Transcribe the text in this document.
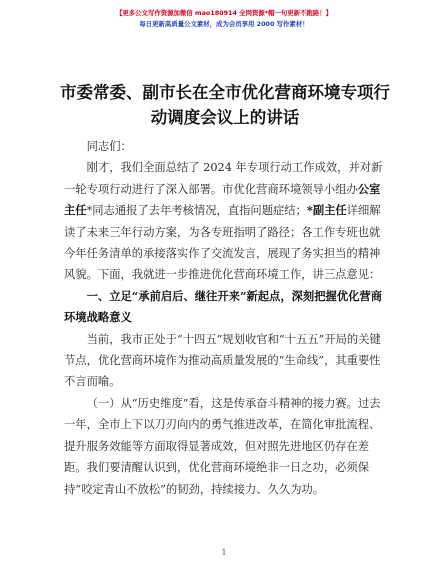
【更多公文写作资源加微信 mao180914 全网资源*帽一句更新不跑路！】
每日更新高质量公文素材，成为会员享用 2000 写作素材！
市委常委、副市长在全市优化营商环境专项行
动调度会议上的讲话

同志们：

刚才，我们全面总结了 2024 年专项行动工作成效，并对新一轮专项行动进行了深入部署。市优化营商环境领导小组办公室主任*同志通报了去年考核情况，直指问题症结；*副主任详细解读了未来三年行动方案，为各专班指明了路径；各工作专班也就今年任务清单的承接落实作了交流发言，展现了务实担当的精神风貌。下面，我就进一步推进优化营商环境工作，讲三点意见：

一、立足“承前启后、继往开来”新起点，深刻把握优化营商环境战略意义

当前，我市正处于“十四五”规划收官和“十五五”开局的关键节点，优化营商环境作为推动高质量发展的“生命线”，其重要性不言而喻。

（一）从“历史维度”看，这是传承奋斗精神的接力赛。过去一年，全市上下以刀刃向内的勇气推进改革，在简化审批流程、提升服务效能等方面取得显著成效，但对照先进地区仍存在差距。我们要清醒认识到，优化营商环境绝非一日之功，必须保持“咬定青山不放松”的韧劲，持续接力、久久为功。

1
